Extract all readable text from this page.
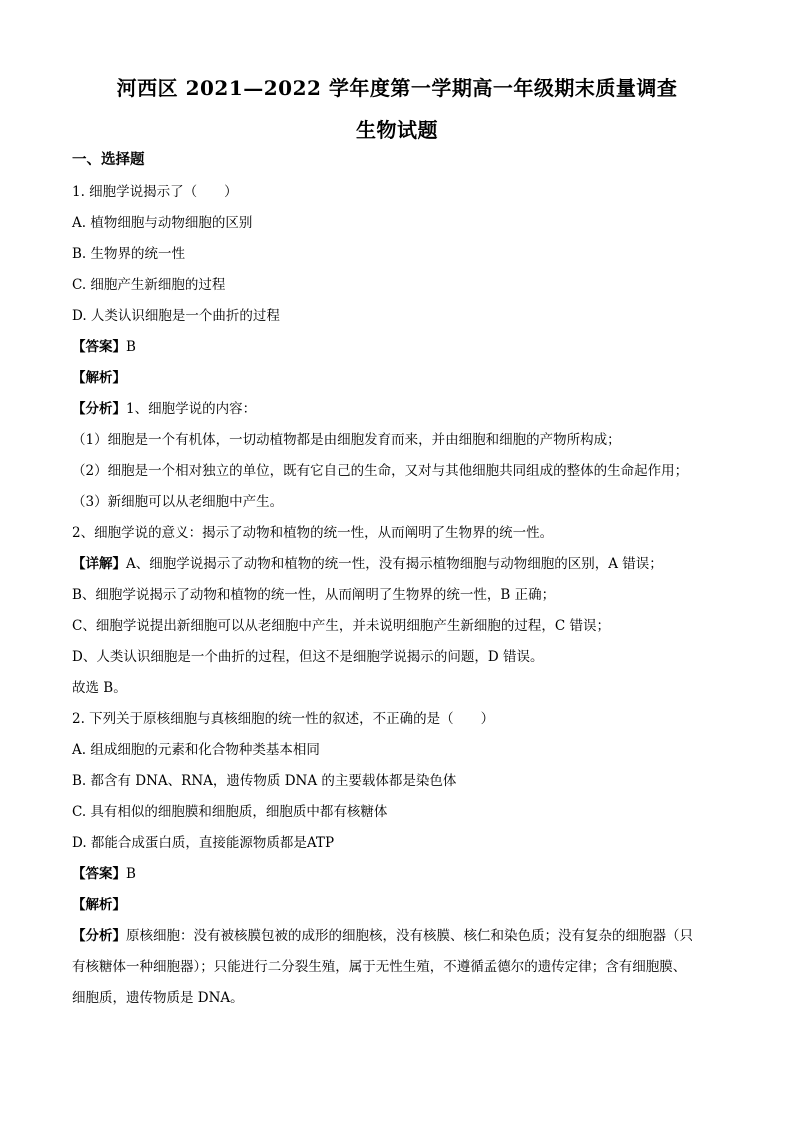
河西区 2021—2022 学年度第一学期高一年级期末质量调查
生物试题
一、选择题
1. 细胞学说揭示了（　　）
A. 植物细胞与动物细胞的区别
B. 生物界的统一性
C. 细胞产生新细胞的过程
D. 人类认识细胞是一个曲折的过程
【答案】B
【解析】
【分析】1、细胞学说的内容：
（1）细胞是一个有机体，一切动植物都是由细胞发育而来，并由细胞和细胞的产物所构成；
（2）细胞是一个相对独立的单位，既有它自己的生命，又对与其他细胞共同组成的整体的生命起作用；
（3）新细胞可以从老细胞中产生。
2、细胞学说的意义：揭示了动物和植物的统一性，从而阐明了生物界的统一性。
【详解】A、细胞学说揭示了动物和植物的统一性，没有揭示植物细胞与动物细胞的区别，A 错误；
B、细胞学说揭示了动物和植物的统一性，从而阐明了生物界的统一性，B 正确；
C、细胞学说提出新细胞可以从老细胞中产生，并未说明细胞产生新细胞的过程，C 错误；
D、人类认识细胞是一个曲折的过程，但这不是细胞学说揭示的问题，D 错误。
故选 B。
2. 下列关于原核细胞与真核细胞的统一性的叙述，不正确的是（　　）
A. 组成细胞的元素和化合物种类基本相同
B. 都含有 DNA、RNA，遗传物质 DNA 的主要载体都是染色体
C. 具有相似的细胞膜和细胞质，细胞质中都有核糖体
D. 都能合成蛋白质，直接能源物质都是ATP
【答案】B
【解析】
【分析】原核细胞：没有被核膜包被的成形的细胞核，没有核膜、核仁和染色质；没有复杂的细胞器（只
有核糖体一种细胞器）；只能进行二分裂生殖，属于无性生殖，不遵循孟德尔的遗传定律；含有细胞膜、
细胞质，遗传物质是 DNA。
